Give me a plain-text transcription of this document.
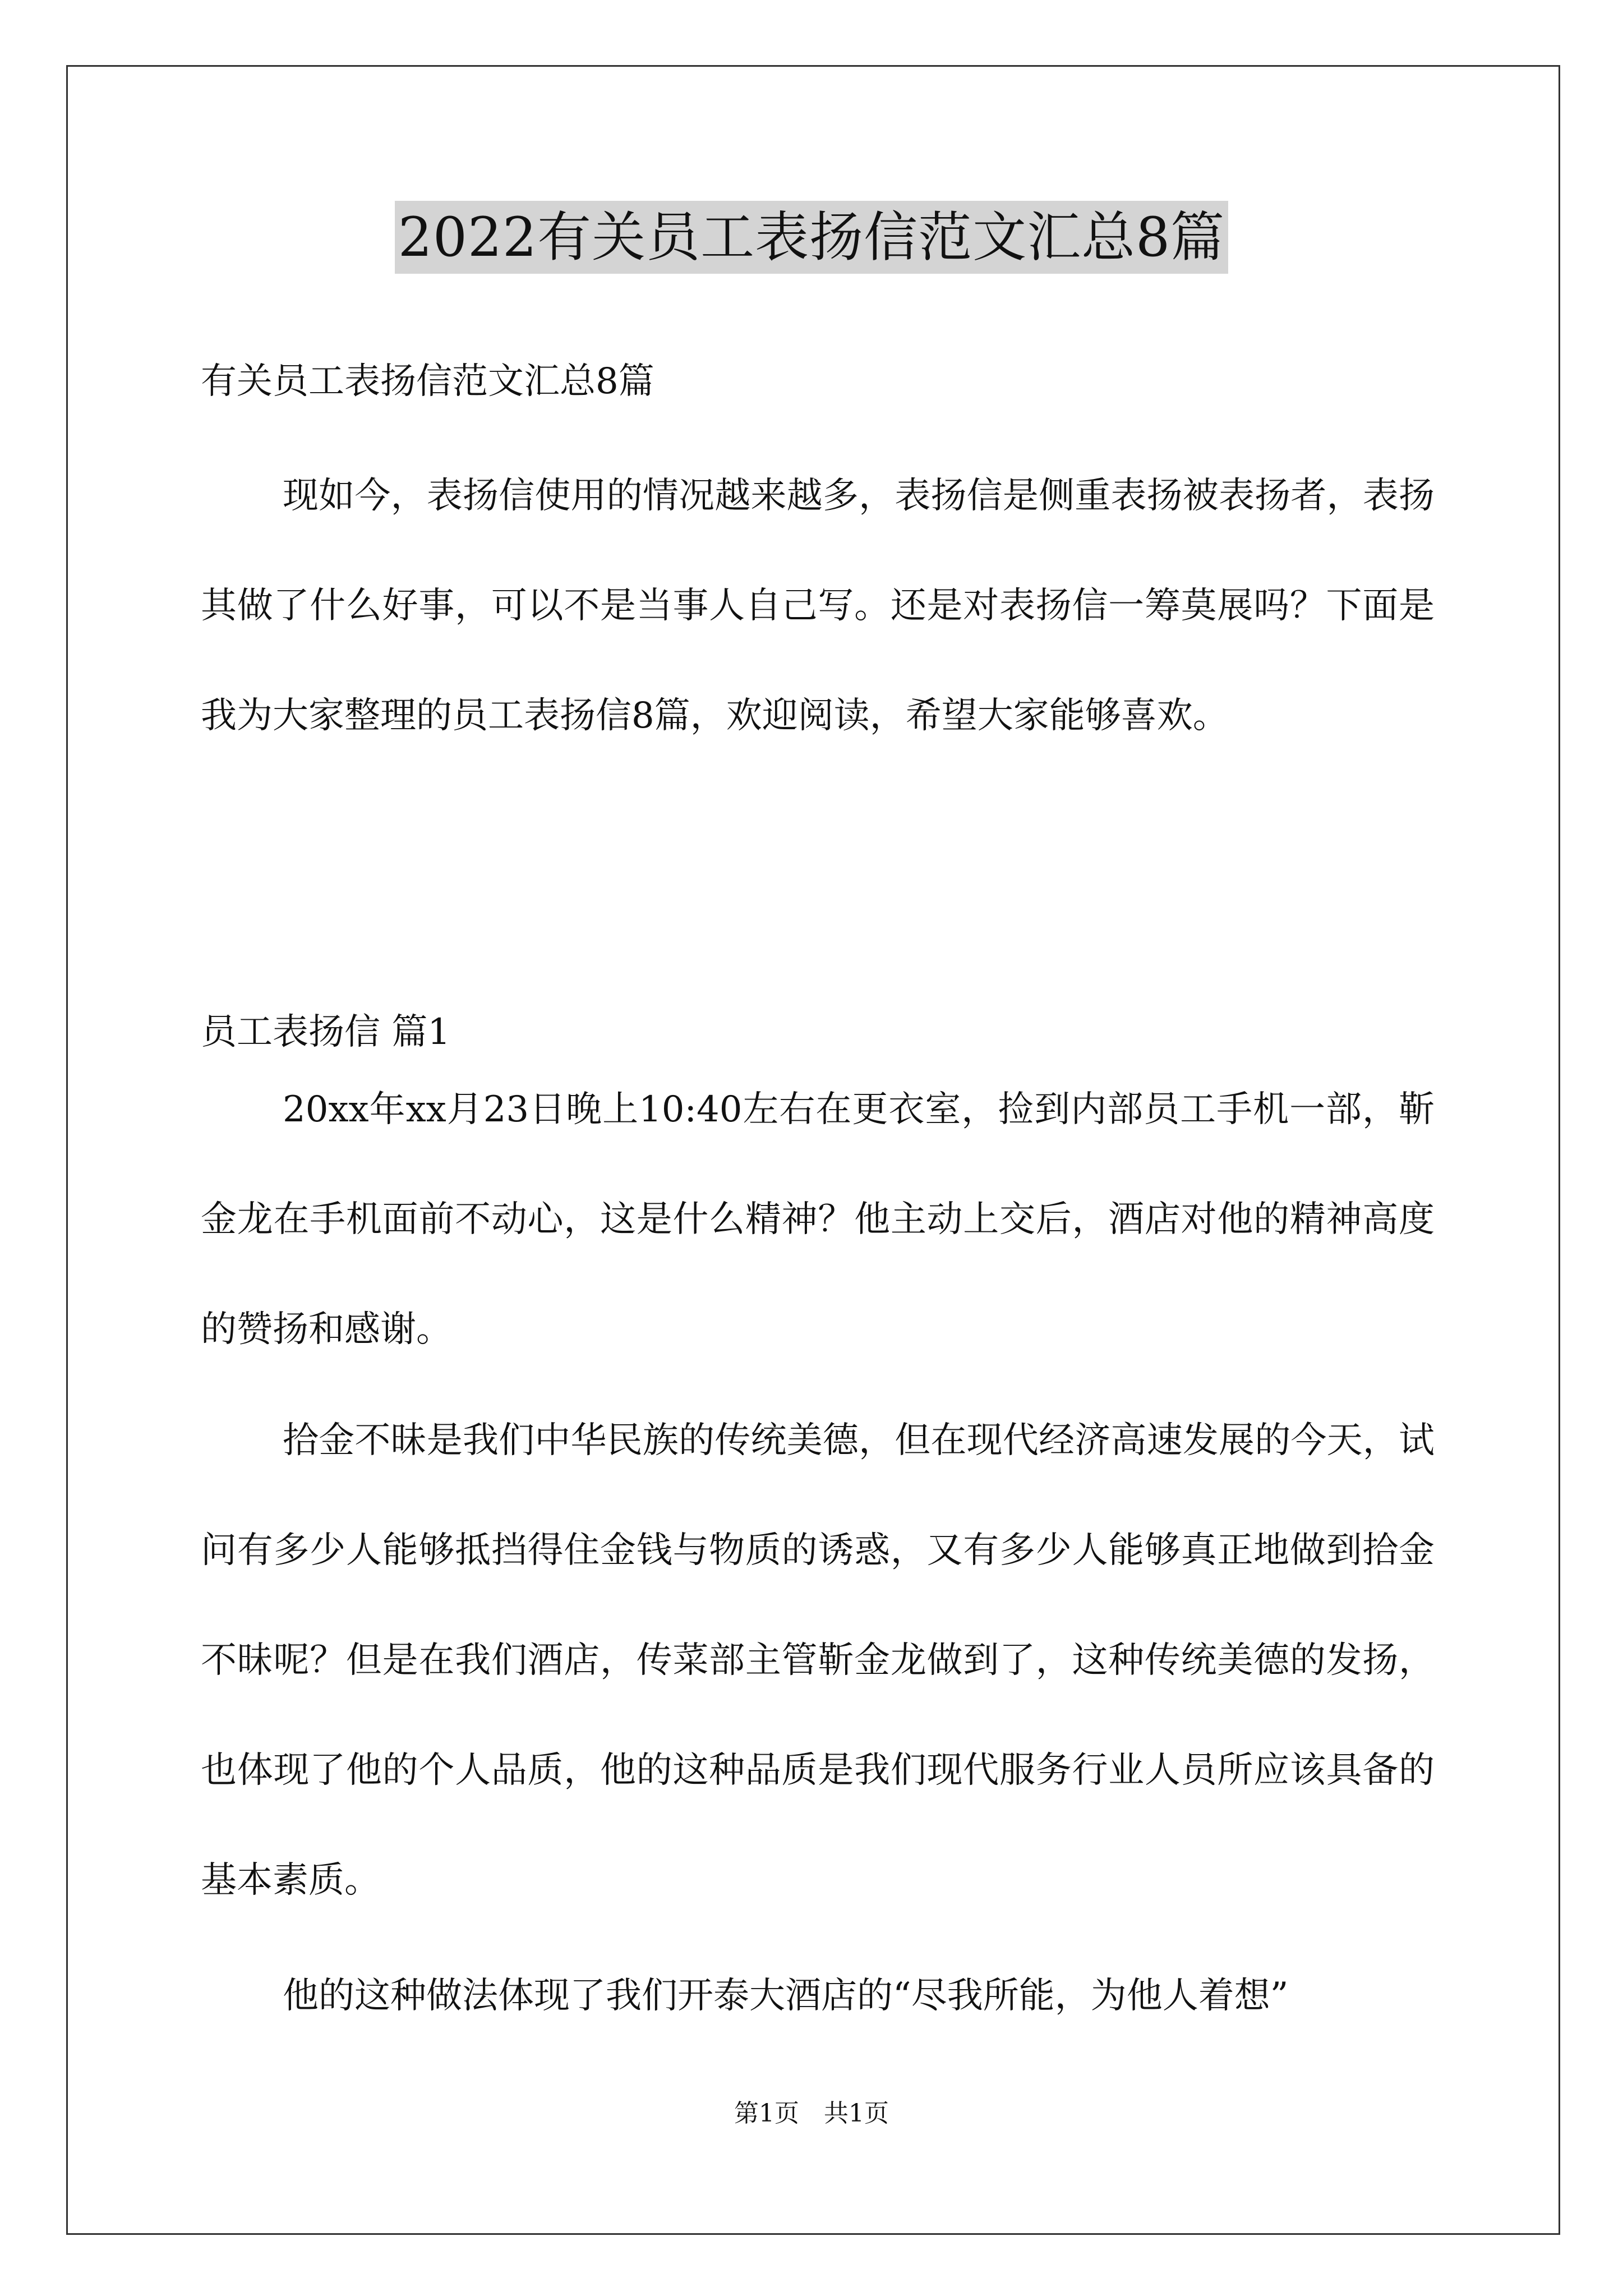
2022有关员工表扬信范文汇总8篇
有关员工表扬信范文汇总8篇

现如今，表扬信使用的情况越来越多，表扬信是侧重表扬被表扬者，表扬其做了什么好事，可以不是当事人自己写。还是对表扬信一筹莫展吗？下面是我为大家整理的员工表扬信8篇，欢迎阅读，希望大家能够喜欢。

员工表扬信 篇1

20xx年xx月23日晚上10:40左右在更衣室，捡到内部员工手机一部，靳金龙在手机面前不动心，这是什么精神？他主动上交后，酒店对他的精神高度的赞扬和感谢。

拾金不昧是我们中华民族的传统美德，但在现代经济高速发展的今天，试问有多少人能够抵挡得住金钱与物质的诱惑，又有多少人能够真正地做到拾金不昧呢？但是在我们酒店，传菜部主管靳金龙做到了，这种传统美德的发扬，也体现了他的个人品质，他的这种品质是我们现代服务行业人员所应该具备的基本素质。

他的这种做法体现了我们开泰大酒店的“尽我所能，为他人着想”

第1页　共1页
